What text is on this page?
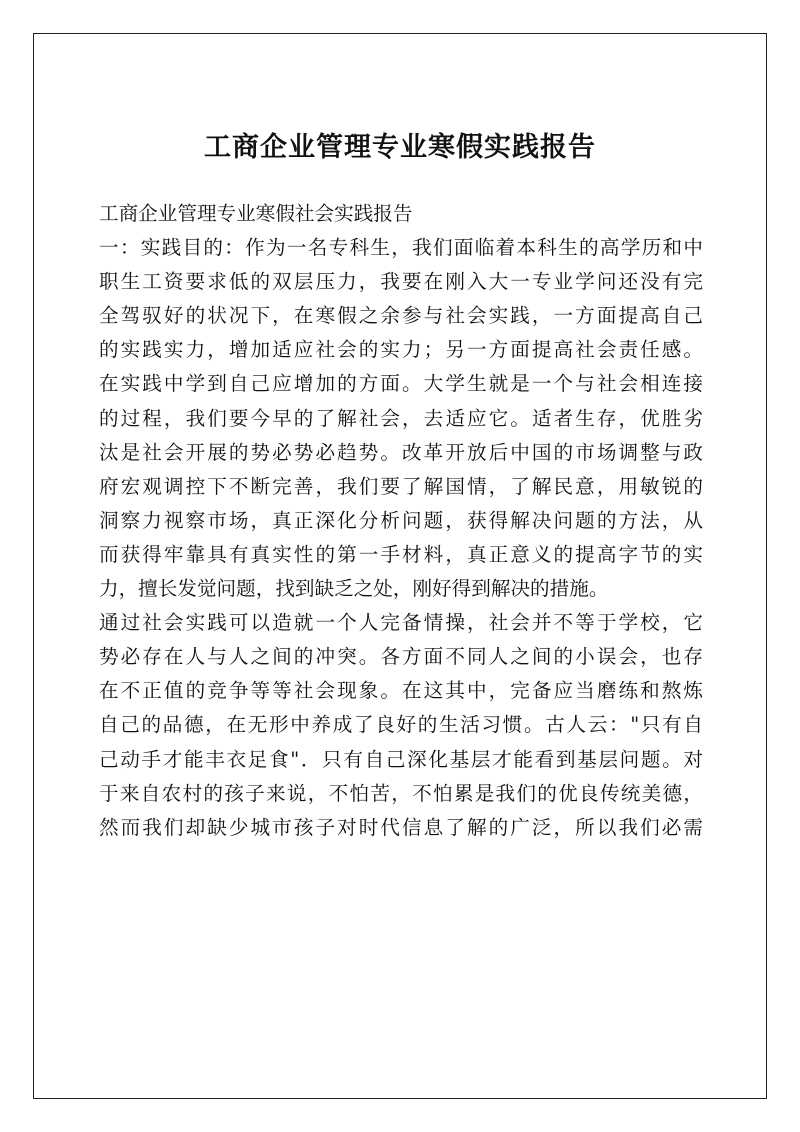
工商企业管理专业寒假实践报告
工商企业管理专业寒假社会实践报告
一：实践目的：作为一名专科生，我们面临着本科生的高学历和中
职生工资要求低的双层压力，我要在刚入大一专业学问还没有完
全驾驭好的状况下，在寒假之余参与社会实践，一方面提高自己
的实践实力，增加适应社会的实力；另一方面提高社会责任感。
在实践中学到自己应增加的方面。大学生就是一个与社会相连接
的过程，我们要今早的了解社会，去适应它。适者生存，优胜劣
汰是社会开展的势必势必趋势。改革开放后中国的市场调整与政
府宏观调控下不断完善，我们要了解国情，了解民意，用敏锐的
洞察力视察市场，真正深化分析问题，获得解决问题的方法，从
而获得牢靠具有真实性的第一手材料，真正意义的提高字节的实
力，擅长发觉问题，找到缺乏之处，刚好得到解决的措施。
通过社会实践可以造就一个人完备情操，社会并不等于学校，它
势必存在人与人之间的冲突。各方面不同人之间的小误会，也存
在不正值的竞争等等社会现象。在这其中，完备应当磨练和熬炼
自己的品德，在无形中养成了良好的生活习惯。古人云："只有自
己动手才能丰衣足食"．只有自己深化基层才能看到基层问题。对
于来自农村的孩子来说，不怕苦，不怕累是我们的优良传统美德，
然而我们却缺少城市孩子对时代信息了解的广泛，所以我们必需
